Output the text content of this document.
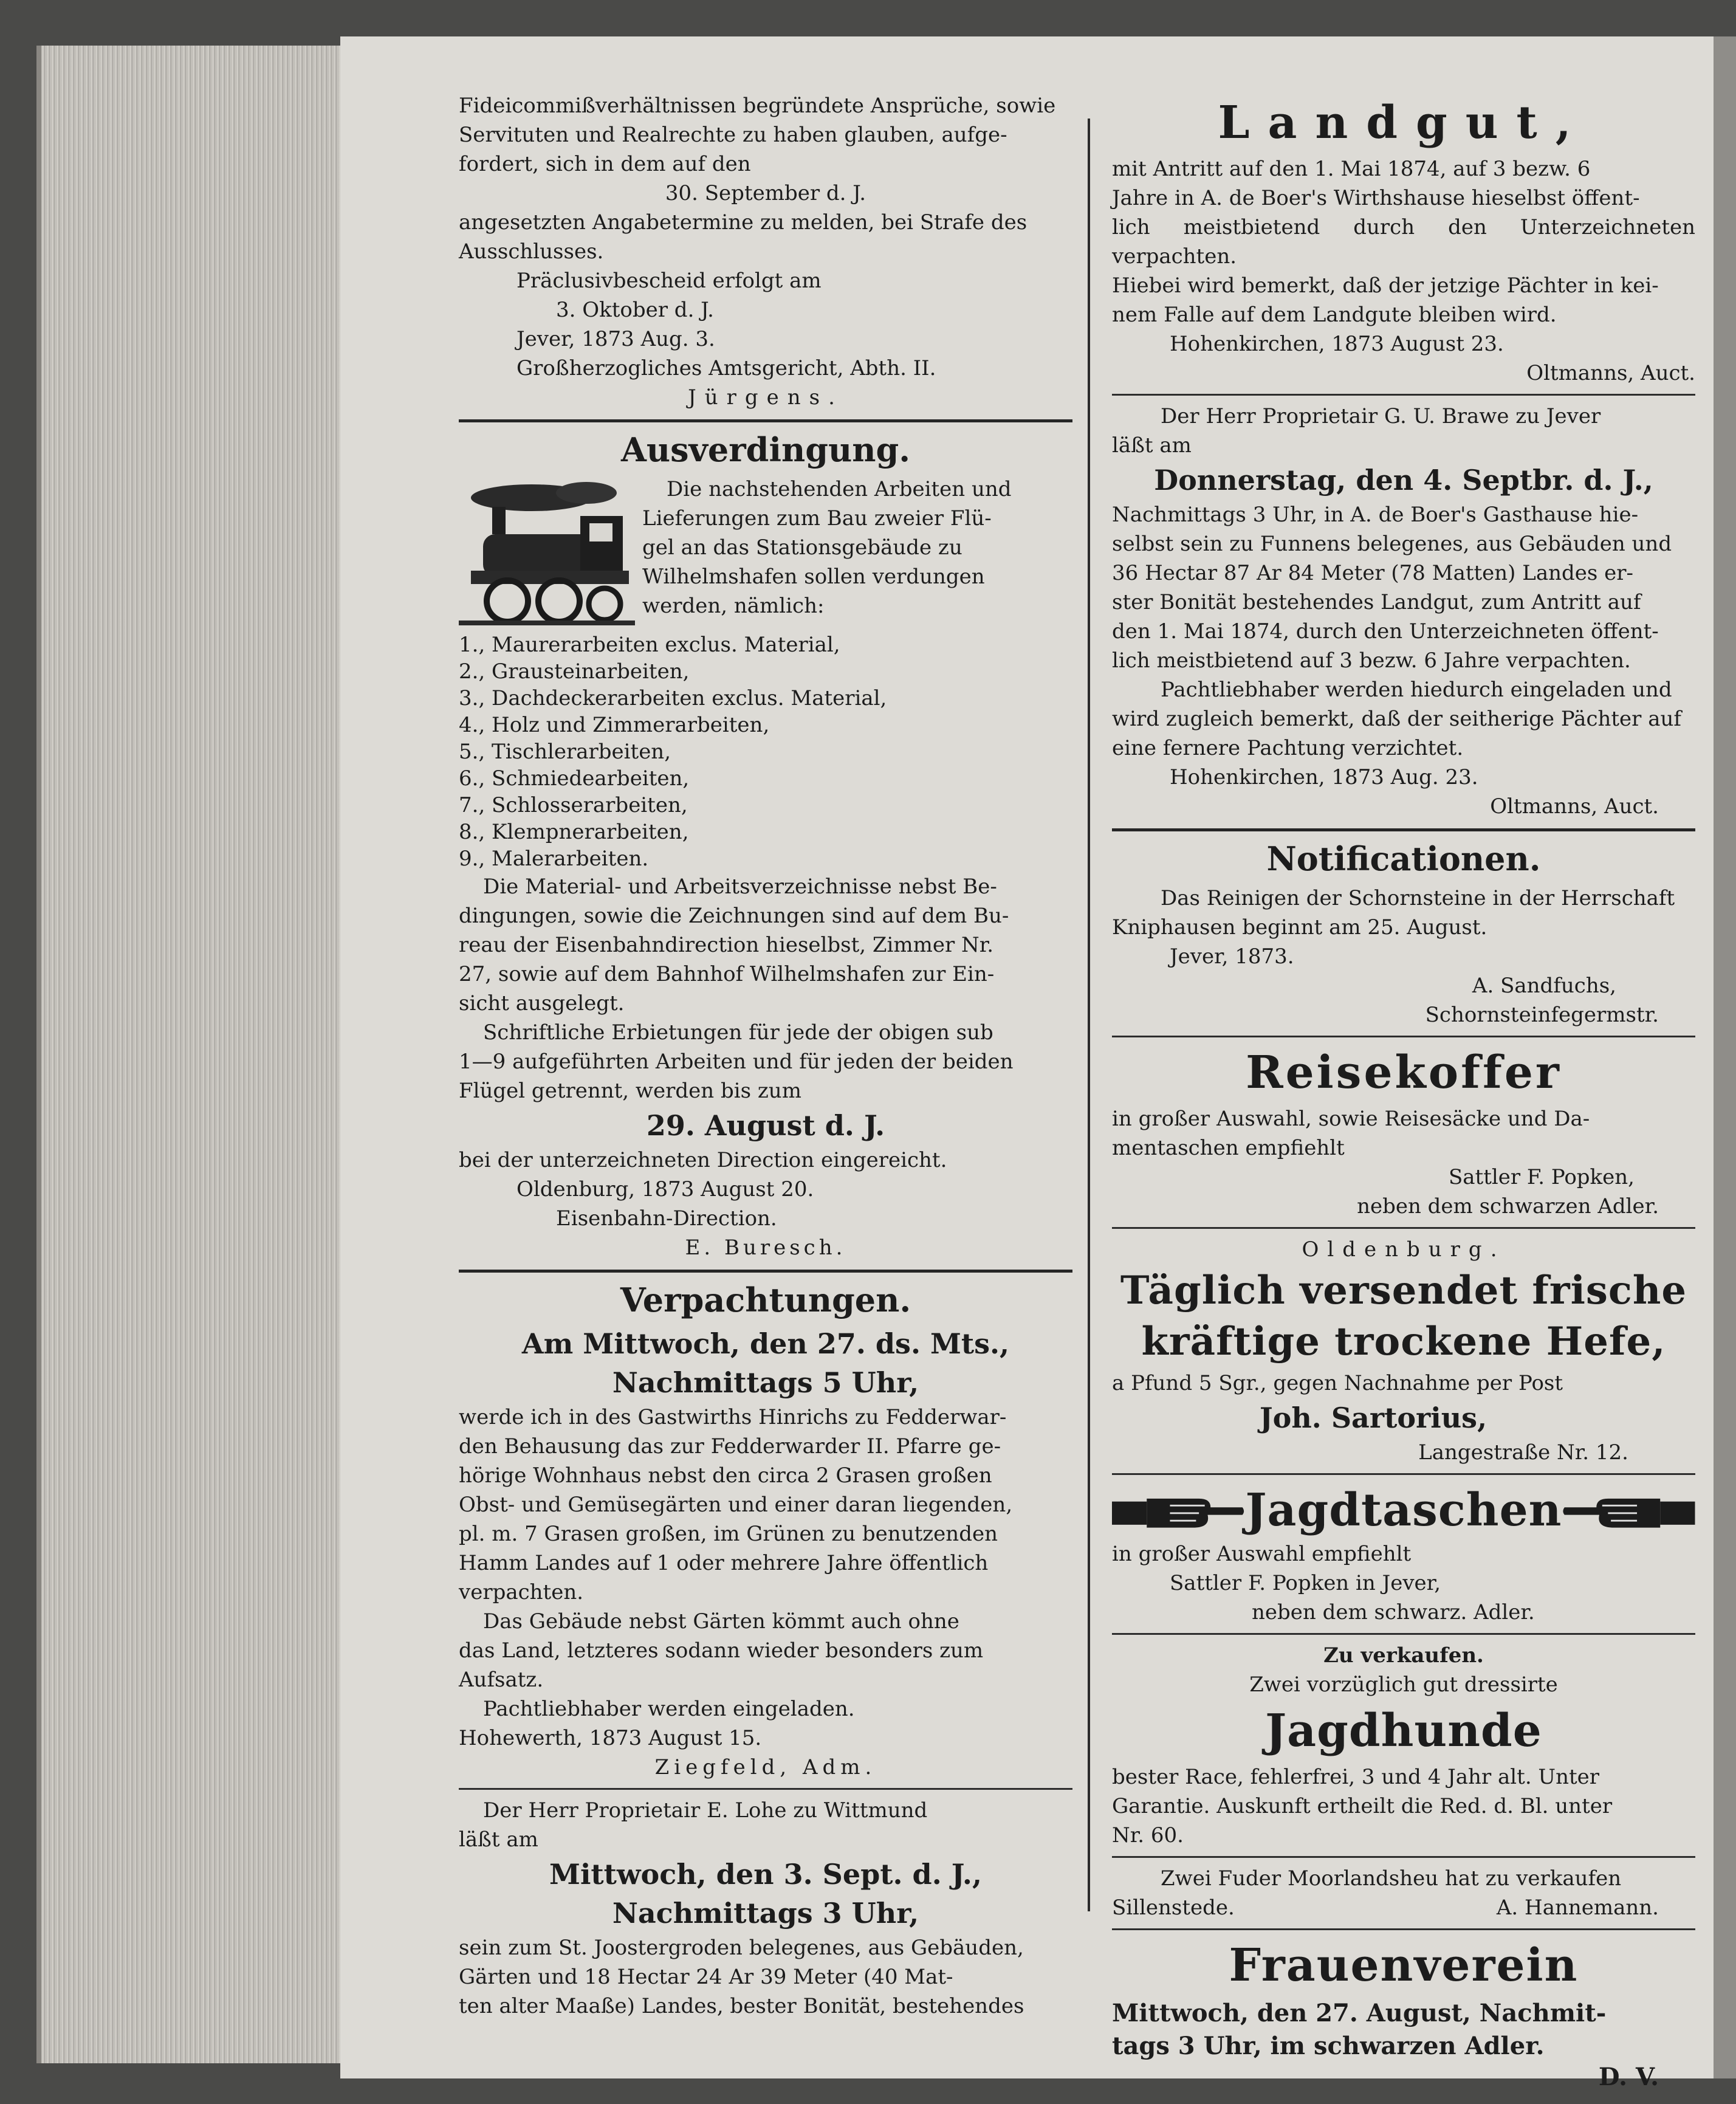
Fideicommißverhältnissen begründete Ansprüche, sowie

Servituten und Realrechte zu haben glauben, aufge-

fordert, sich in dem auf den

30. September d. J.

angesetzten Angabetermine zu melden, bei Strafe des

Ausschlusses.

Präclusivbescheid erfolgt am

3. Oktober d. J.

Jever, 1873 Aug. 3.

Großherzogliches Amtsgericht, Abth. II.

Jürgens.

Ausverdingung.

Die nachstehenden Arbeiten und

Lieferungen zum Bau zweier Flü-

gel an das Stationsgebäude zu

Wilhelmshafen sollen verdungen

werden, nämlich:

1., Maurerarbeiten exclus. Material,

2., Grausteinarbeiten,

3., Dachdeckerarbeiten exclus. Material,

4., Holz und Zimmerarbeiten,

5., Tischlerarbeiten,

6., Schmiedearbeiten,

7., Schlosserarbeiten,

8., Klempnerarbeiten,

9., Malerarbeiten.

Die Material- und Arbeitsverzeichnisse nebst Be-

dingungen, sowie die Zeichnungen sind auf dem Bu-

reau der Eisenbahndirection hieselbst, Zimmer Nr.

27, sowie auf dem Bahnhof Wilhelmshafen zur Ein-

sicht ausgelegt.

Schriftliche Erbietungen für jede der obigen sub

1—9 aufgeführten Arbeiten und für jeden der beiden

Flügel getrennt, werden bis zum

29. August d. J.

bei der unterzeichneten Direction eingereicht.

Oldenburg, 1873 August 20.

Eisenbahn-Direction.

E. Buresch.

Verpachtungen.

Am Mittwoch, den 27. ds. Mts.,

Nachmittags 5 Uhr,

werde ich in des Gastwirths Hinrichs zu Fedderwar-

den Behausung das zur Fedderwarder II. Pfarre ge-

hörige Wohnhaus nebst den circa 2 Grasen großen

Obst- und Gemüsegärten und einer daran liegenden,

pl. m. 7 Grasen großen, im Grünen zu benutzenden

Hamm Landes auf 1 oder mehrere Jahre öffentlich

verpachten.

Das Gebäude nebst Gärten kömmt auch ohne

das Land, letzteres sodann wieder besonders zum

Aufsatz.

Pachtliebhaber werden eingeladen.

Hohewerth, 1873 August 15.

Ziegfeld, Adm.

Der Herr Proprietair E. Lohe zu Wittmund

läßt am

Mittwoch, den 3. Sept. d. J.,

Nachmittags 3 Uhr,

sein zum St. Joostergroden belegenes, aus Gebäuden,

Gärten und 18 Hectar 24 Ar 39 Meter (40 Mat-

ten alter Maaße) Landes, bester Bonität, bestehendes

Landgut,

mit Antritt auf den 1. Mai 1874, auf 3 bezw. 6

Jahre in A. de Boer's Wirthshause hieselbst öffent-

lich meistbietend durch den Unterzeichneten verpachten.

Hiebei wird bemerkt, daß der jetzige Pächter in kei-

nem Falle auf dem Landgute bleiben wird.

Hohenkirchen, 1873 August 23.

Oltmanns, Auct.

Der Herr Proprietair G. U. Brawe zu Jever

läßt am

Donnerstag, den 4. Septbr. d. J.,

Nachmittags 3 Uhr, in A. de Boer's Gasthause hie-

selbst sein zu Funnens belegenes, aus Gebäuden und

36 Hectar 87 Ar 84 Meter (78 Matten) Landes er-

ster Bonität bestehendes Landgut, zum Antritt auf

den 1. Mai 1874, durch den Unterzeichneten öffent-

lich meistbietend auf 3 bezw. 6 Jahre verpachten.

Pachtliebhaber werden hiedurch eingeladen und

wird zugleich bemerkt, daß der seitherige Pächter auf

eine fernere Pachtung verzichtet.

Hohenkirchen, 1873 Aug. 23.

Oltmanns, Auct.

Notificationen.

Das Reinigen der Schornsteine in der Herrschaft

Kniphausen beginnt am 25. August.

Jever, 1873.

A. Sandfuchs,

Schornsteinfegermstr.

Reisekoffer

in großer Auswahl, sowie Reisesäcke und Da-

mentaschen empfiehlt

Sattler F. Popken,

neben dem schwarzen Adler.

Oldenburg.

Täglich versendet frische

kräftige trockene Hefe,

a Pfund 5 Sgr., gegen Nachnahme per Post

Joh. Sartorius,

Langestraße Nr. 12.

Jagdtaschen

in großer Auswahl empfiehlt

Sattler F. Popken in Jever,

neben dem schwarz. Adler.

Zu verkaufen.

Zwei vorzüglich gut dressirte

Jagdhunde

bester Race, fehlerfrei, 3 und 4 Jahr alt. Unter

Garantie. Auskunft ertheilt die Red. d. Bl. unter

Nr. 60.

Zwei Fuder Moorlandsheu hat zu verkaufen

Sillenstede.	A. Hannemann.

Frauenverein

Mittwoch, den 27. August, Nachmit-

tags 3 Uhr, im schwarzen Adler.

D. V.
